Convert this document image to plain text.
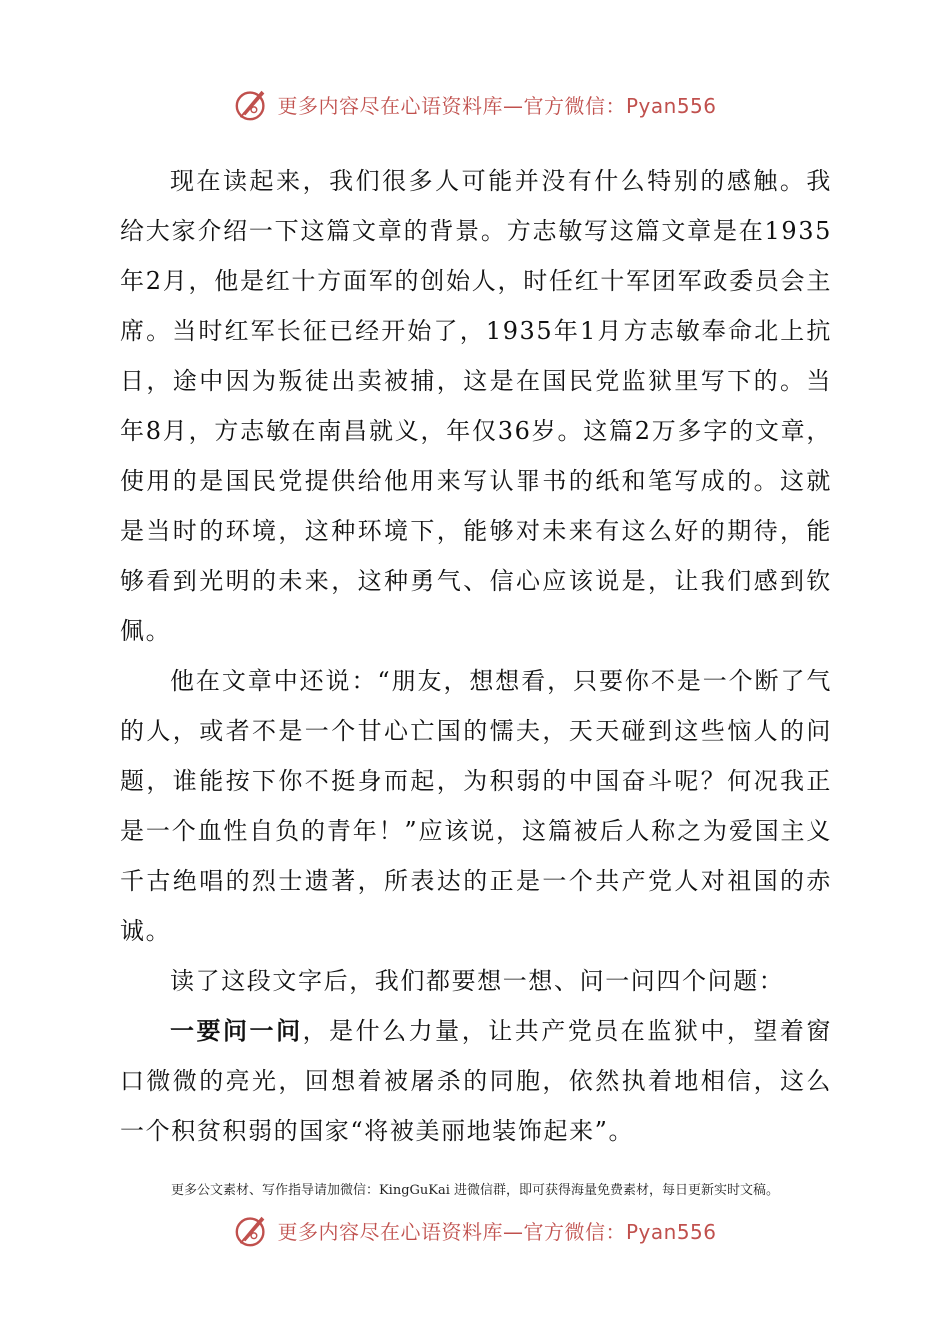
更多内容尽在心语资料库—官方微信：Pyan556

现在读起来，我们很多人可能并没有什么特别的感触。我给大家介绍一下这篇文章的背景。方志敏写这篇文章是在1935年2月，他是红十方面军的创始人，时任红十军团军政委员会主席。当时红军长征已经开始了，1935年1月方志敏奉命北上抗日，途中因为叛徒出卖被捕，这是在国民党监狱里写下的。当年8月，方志敏在南昌就义，年仅36岁。这篇2万多字的文章，使用的是国民党提供给他用来写认罪书的纸和笔写成的。这就是当时的环境，这种环境下，能够对未来有这么好的期待，能够看到光明的未来，这种勇气、信心应该说是，让我们感到钦佩。

他在文章中还说：“朋友，想想看，只要你不是一个断了气的人，或者不是一个甘心亡国的懦夫，天天碰到这些恼人的问题，谁能按下你不挺身而起，为积弱的中国奋斗呢？何况我正是一个血性自负的青年！”应该说，这篇被后人称之为爱国主义千古绝唱的烈士遗著，所表达的正是一个共产党人对祖国的赤诚。

读了这段文字后，我们都要想一想、问一问四个问题：

一要问一问，是什么力量，让共产党员在监狱中，望着窗口微微的亮光，回想着被屠杀的同胞，依然执着地相信，这么一个积贫积弱的国家“将被美丽地装饰起来”。

更多公文素材、写作指导请加微信：KingGuKai 进微信群，即可获得海量免费素材，每日更新实时文稿。
更多内容尽在心语资料库—官方微信：Pyan556
